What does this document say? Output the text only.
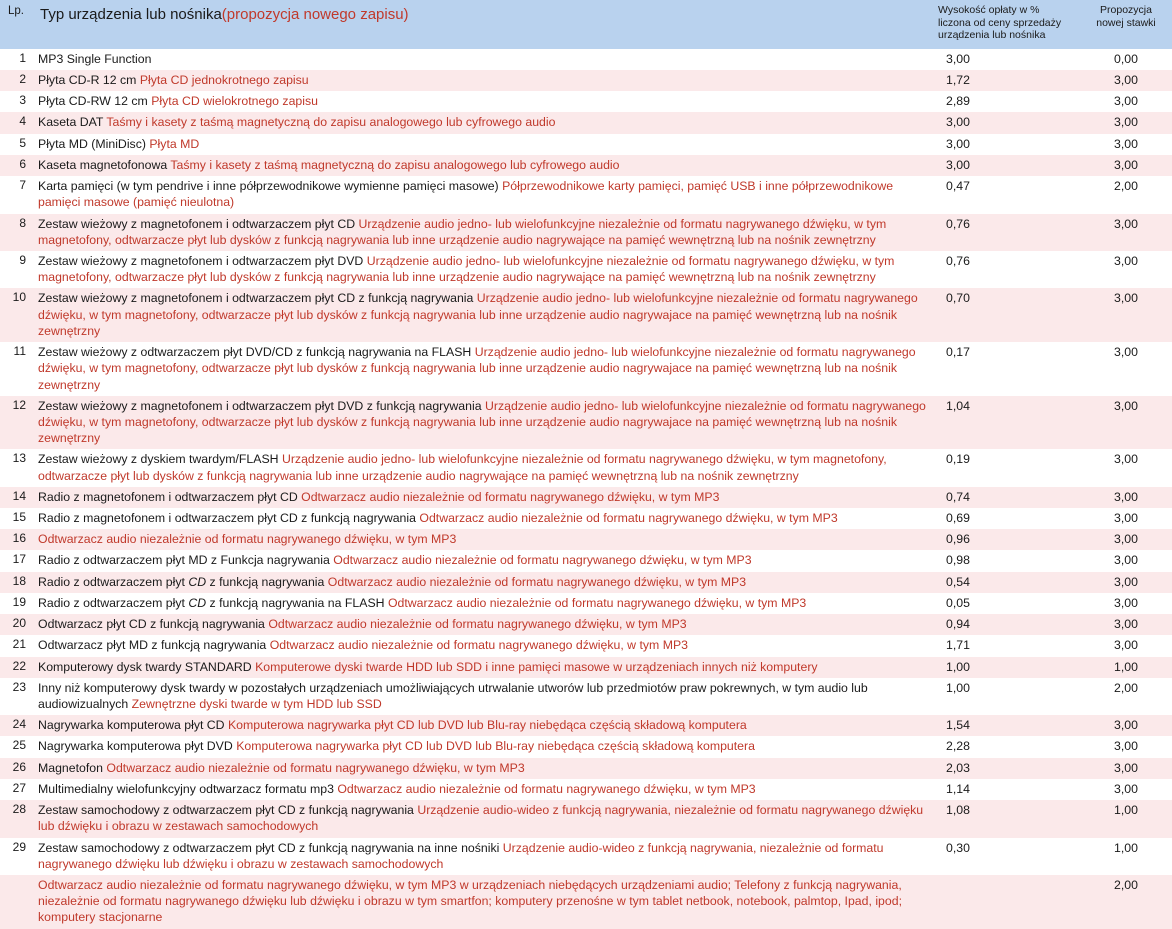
Lp.	Typ urządzenia lub nośnika(propozycja nowego zapisu)	Wysokość opłaty w % liczona od ceny sprzedaży urządzenia lub nośnika	Propozycja nowej stawki
1	MP3 Single Function	3,00	0,00
2	Płyta CD-R 12 cm Płyta CD jednokrotnego zapisu	1,72	3,00
3	Płyta CD-RW 12 cm Płyta CD wielokrotnego zapisu	2,89	3,00
4	Kaseta DAT Taśmy i kasety z taśmą magnetyczną do zapisu analogowego lub cyfrowego audio	3,00	3,00
5	Płyta MD (MiniDisc) Płyta MD	3,00	3,00
6	Kaseta magnetofonowa Taśmy i kasety z taśmą magnetyczną do zapisu analogowego lub cyfrowego audio	3,00	3,00
7	Karta pamięci (w tym pendrive i inne półprzewodnikowe wymienne pamięci masowe) Półprzewodnikowe karty pamięci, pamięć USB i inne półprzewodnikowe pamięci masowe (pamięć nieulotna)	0,47	2,00
8	Zestaw wieżowy z magnetofonem i odtwarzaczem płyt CD Urządzenie audio jedno- lub wielofunkcyjne niezależnie od formatu nagrywanego dźwięku, w tym magnetofony, odtwarzacze płyt lub dysków z funkcją nagrywania lub inne urządzenie audio nagrywające na pamięć wewnętrzną lub na nośnik zewnętrzny	0,76	3,00
9	Zestaw wieżowy z magnetofonem i odtwarzaczem płyt DVD Urządzenie audio jedno- lub wielofunkcyjne niezależnie od formatu nagrywanego dźwięku, w tym magnetofony, odtwarzacze płyt lub dysków z funkcją nagrywania lub inne urządzenie audio nagrywające na pamięć wewnętrzną lub na nośnik zewnętrzny	0,76	3,00
10	Zestaw wieżowy z magnetofonem i odtwarzaczem płyt CD z funkcją nagrywania Urządzenie audio jedno- lub wielofunkcyjne niezależnie od formatu nagrywanego dźwięku, w tym magnetofony, odtwarzacze płyt lub dysków z funkcją nagrywania lub inne urządzenie audio nagrywajace na pamięć wewnętrzną lub na nośnik zewnętrzny	0,70	3,00
11	Zestaw wieżowy z odtwarzaczem płyt DVD/CD z funkcją nagrywania na FLASH Urządzenie audio jedno- lub wielofunkcyjne niezależnie od formatu nagrywanego dźwięku, w tym magnetofony, odtwarzacze płyt lub dysków z funkcją nagrywania lub inne urządzenie audio nagrywajace na pamięć wewnętrzną lub na nośnik zewnętrzny	0,17	3,00
12	Zestaw wieżowy z magnetofonem i odtwarzaczem płyt DVD z funkcją nagrywania Urządzenie audio jedno- lub wielofunkcyjne niezależnie od formatu nagrywanego dźwięku, w tym magnetofony, odtwarzacze płyt lub dysków z funkcją nagrywania lub inne urządzenie audio nagrywajace na pamięć wewnętrzną lub na nośnik zewnętrzny	1,04	3,00
13	Zestaw wieżowy z dyskiem twardym/FLASH Urządzenie audio jedno- lub wielofunkcyjne niezależnie od formatu nagrywanego dźwięku, w tym magnetofony, odtwarzacze płyt lub dysków z funkcją nagrywania lub inne urządzenie audio nagrywające na pamięć wewnętrzną lub na nośnik zewnętrzny	0,19	3,00
14	Radio z magnetofonem i odtwarzaczem płyt CD Odtwarzacz audio niezależnie od formatu nagrywanego dźwięku, w tym MP3	0,74	3,00
15	Radio z magnetofonem i odtwarzaczem płyt CD z funkcją nagrywania Odtwarzacz audio niezależnie od formatu nagrywanego dźwięku, w tym MP3	0,69	3,00
16	Odtwarzacz audio niezależnie od formatu nagrywanego dźwięku, w tym MP3	0,96	3,00
17	Radio z odtwarzaczem płyt MD z Funkcja nagrywania Odtwarzacz audio niezależnie od formatu nagrywanego dźwięku, w tym MP3	0,98	3,00
18	Radio z odtwarzaczem płyt CD z funkcją nagrywania Odtwarzacz audio niezależnie od formatu nagrywanego dźwięku, w tym MP3	0,54	3,00
19	Radio z odtwarzaczem płyt CD z funkcją nagrywania na FLASH Odtwarzacz audio niezależnie od formatu nagrywanego dźwięku, w tym MP3	0,05	3,00
20	Odtwarzacz płyt CD z funkcją nagrywania Odtwarzacz audio niezależnie od formatu nagrywanego dźwięku, w tym MP3	0,94	3,00
21	Odtwarzacz płyt MD z funkcją nagrywania Odtwarzacz audio niezależnie od formatu nagrywanego dźwięku, w tym MP3	1,71	3,00
22	Komputerowy dysk twardy STANDARD Komputerowe dyski twarde HDD lub SDD i inne pamięci masowe w urządzeniach innych niż komputery	1,00	1,00
23	Inny niż komputerowy dysk twardy w pozostałych urządzeniach umożliwiających utrwalanie utworów lub przedmiotów praw pokrewnych, w tym audio lub audiowizualnych Zewnętrzne dyski twarde w tym HDD lub SSD	1,00	2,00
24	Nagrywarka komputerowa płyt CD Komputerowa nagrywarka płyt CD lub DVD lub Blu-ray niebędąca częścią składową komputera	1,54	3,00
25	Nagrywarka komputerowa płyt DVD Komputerowa nagrywarka płyt CD lub DVD lub Blu-ray niebędąca częścią składową komputera	2,28	3,00
26	Magnetofon Odtwarzacz audio niezależnie od formatu nagrywanego dźwięku, w tym MP3	2,03	3,00
27	Multimedialny wielofunkcyjny odtwarzacz formatu mp3 Odtwarzacz audio niezależnie od formatu nagrywanego dźwięku, w tym MP3	1,14	3,00
28	Zestaw samochodowy z odtwarzaczem płyt CD z funkcją nagrywania Urządzenie audio-wideo z funkcją nagrywania, niezależnie od formatu nagrywanego dźwięku lub dźwięku i obrazu w zestawach samochodowych	1,08	1,00
29	Zestaw samochodowy z odtwarzaczem płyt CD z funkcją nagrywania na inne nośniki Urządzenie audio-wideo z funkcją nagrywania, niezależnie od formatu nagrywanego dźwięku lub dźwięku i obrazu w zestawach samochodowych	0,30	1,00
	Odtwarzacz audio niezależnie od formatu nagrywanego dźwięku, w tym MP3 w urządzeniach niebędących urządzeniami audio; Telefony z funkcją nagrywania, niezależnie od formatu nagrywanego dźwięku lub dźwięku i obrazu w tym smartfon; komputery przenośne w tym tablet netbook, notebook, palmtop, Ipad, ipod; komputery stacjonarne		2,00
